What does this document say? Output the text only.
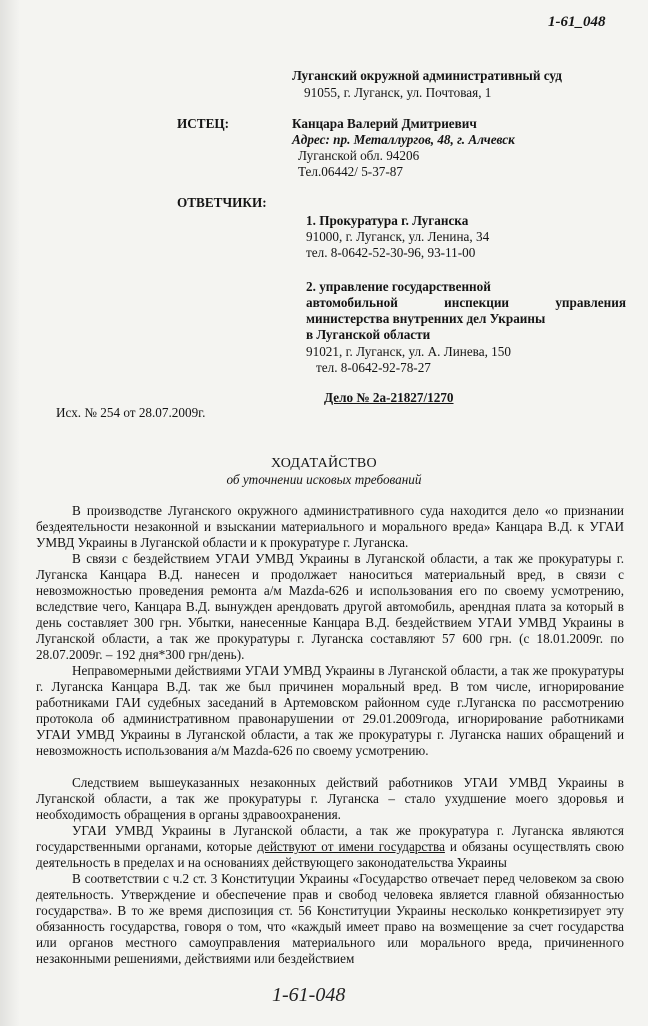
1-61_048
Луганский окружной административный суд
91055, г. Луганск, ул. Почтовая, 1
ИСТЕЦ:	Канцара Валерий Дмитриевич
Адрес: пр. Металлургов, 48, г. Алчевск
Луганской обл. 94206
Тел.06442/ 5-37-87
ОТВЕТЧИКИ:
1. Прокуратура г. Луганска
91000, г. Луганск, ул. Ленина, 34
тел. 8-0642-52-30-96, 93-11-00
2. управление государственной
автомобильной инспекции управления
министерства внутренних дел Украины
в Луганской области
91021, г. Луганск, ул. А. Линева, 150
тел. 8-0642-92-78-27
Дело № 2а-21827/1270
Исх. № 254 от 28.07.2009г.
ХОДАТАЙСТВО
об уточнении исковых требований

В производстве Луганского окружного административного суда находится дело «о признании бездеятельности незаконной и взыскании материального и морального вреда» Канцара В.Д. к УГАИ УМВД Украины в Луганской области и к прокуратуре г. Луганска.

В связи с бездействием УГАИ УМВД Украины в Луганской области, а так же прокуратуры г. Луганска Канцара В.Д. нанесен и продолжает наноситься материальный вред, в связи с невозможностью проведения ремонта а/м Mazda-626 и использования его по своему усмотрению, вследствие чего, Канцара В.Д. вынужден арендовать другой автомобиль, арендная плата за который в день составляет 300 грн. Убытки, нанесенные Канцара В.Д. бездействием УГАИ УМВД Украины в Луганской области, а так же прокуратуры г. Луганска составляют 57 600 грн. (с 18.01.2009г. по 28.07.2009г. – 192 дня*300 грн/день).

Неправомерными действиями УГАИ УМВД Украины в Луганской области, а так же прокуратуры г. Луганска Канцара В.Д. так же был причинен моральный вред. В том числе, игнорирование работниками ГАИ судебных заседаний в Артемовском районном суде г.Луганска по рассмотрению протокола об административном правонарушении от 29.01.2009года, игнорирование работниками УГАИ УМВД Украины в Луганской области, а так же прокуратуры г. Луганска наших обращений и невозможность использования а/м Mazda-626 по своему усмотрению.

Следствием вышеуказанных незаконных действий работников УГАИ УМВД Украины в Луганской области, а так же прокуратуры г. Луганска – стало ухудшение моего здоровья и необходимость обращения в органы здравоохранения.

УГАИ УМВД Украины в Луганской области, а так же прокуратура г. Луганска являются государственными органами, которые действуют от имени государства и обязаны осуществлять свою деятельность в пределах и на основаниях действующего законодательства Украины

В соответствии с ч.2 ст. 3 Конституции Украины «Государство отвечает перед человеком за свою деятельность. Утверждение и обеспечение прав и свобод человека является главной обязанностью государства». В то же время диспозиция ст. 56 Конституции Украины несколько конкретизирует эту обязанность государства, говоря о том, что «каждый имеет право на возмещение за счет государства или органов местного самоуправления материального или морального вреда, причиненного незаконными решениями, действиями или бездействием

1-61-048
